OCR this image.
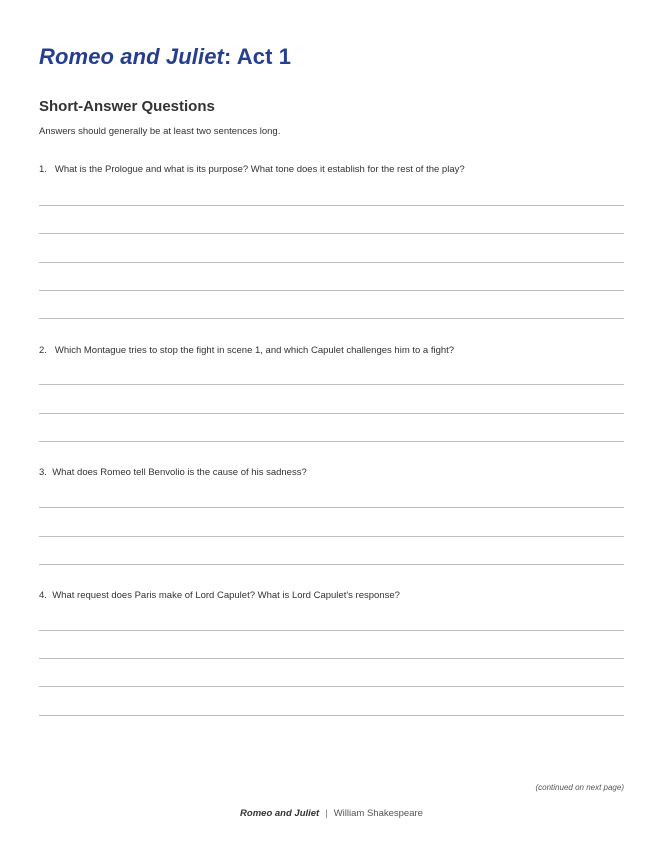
Romeo and Juliet: Act 1
Short-Answer Questions

Answers should generally be at least two sentences long.

1. What is the Prologue and what is its purpose? What tone does it establish for the rest of the play?

2. Which Montague tries to stop the fight in scene 1, and which Capulet challenges him to a fight?

3. What does Romeo tell Benvolio is the cause of his sadness?

4. What request does Paris make of Lord Capulet? What is Lord Capulet's response?

(continued on next page)

Romeo and Juliet | William Shakespeare
